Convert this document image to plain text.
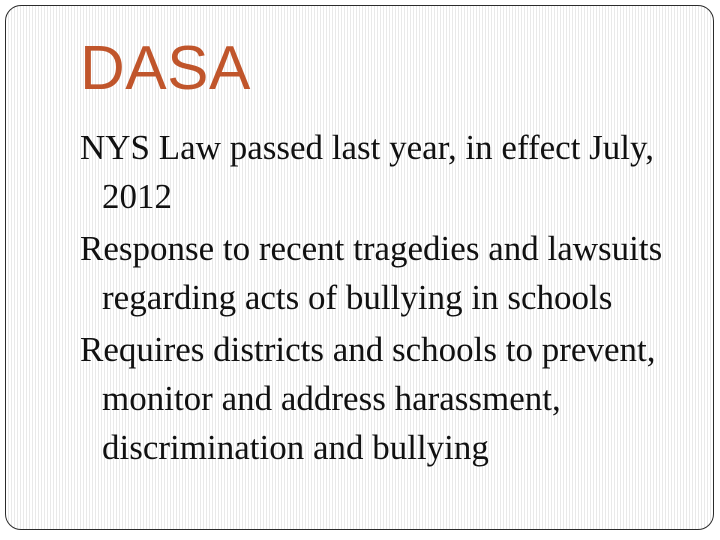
DASA
NYS Law passed last year, in effect July, 2012
Response to recent tragedies and lawsuits regarding acts of bullying in schools
Requires districts and schools to prevent, monitor and address harassment, discrimination and bullying
